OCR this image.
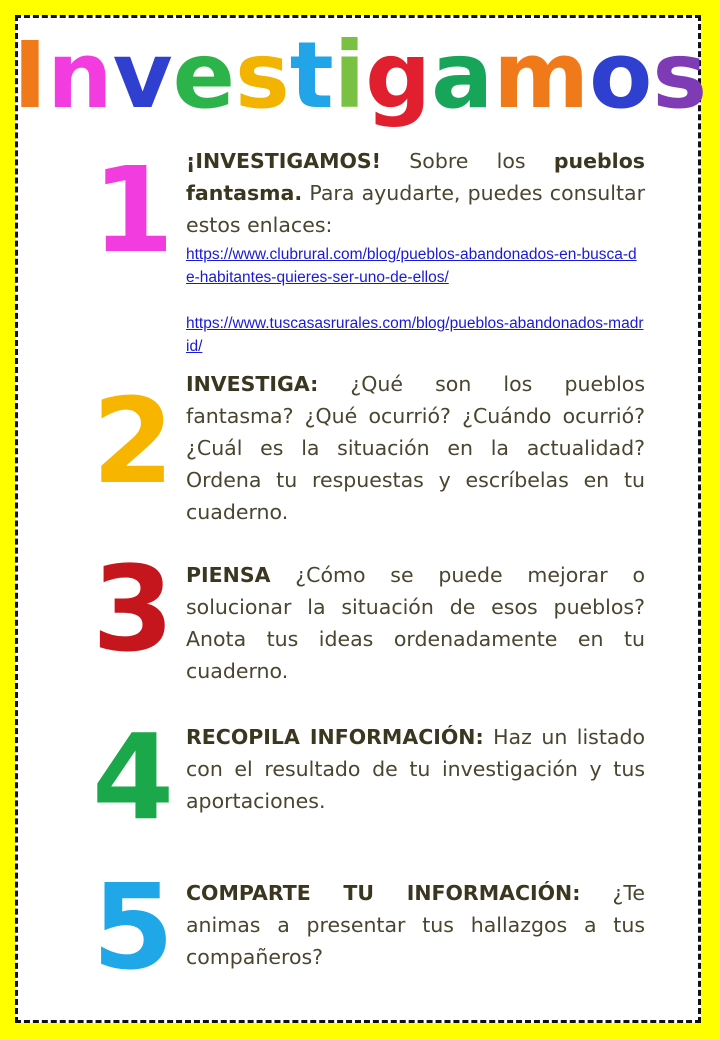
Investigamos
1 ¡INVESTIGAMOS! Sobre los pueblos fantasma. Para ayudarte, puedes consultar estos enlaces:
https://www.clubrural.com/blog/pueblos-abandonados-en-busca-de-habitantes-quieres-ser-uno-de-ellos/
https://www.tuscasasrurales.com/blog/pueblos-abandonados-madrid/
2 INVESTIGA: ¿Qué son los pueblos fantasma? ¿Qué ocurrió? ¿Cuándo ocurrió? ¿Cuál es la situación en la actualidad? Ordena tu respuestas y escríbelas en tu cuaderno.
3 PIENSA ¿Cómo se puede mejorar o solucionar la situación de esos pueblos? Anota tus ideas ordenadamente en tu cuaderno.
4 RECOPILA INFORMACIÓN: Haz un listado con el resultado de tu investigación y tus aportaciones.
5 COMPARTE TU INFORMACIÓN: ¿Te animas a presentar tus hallazgos a tus compañeros?
